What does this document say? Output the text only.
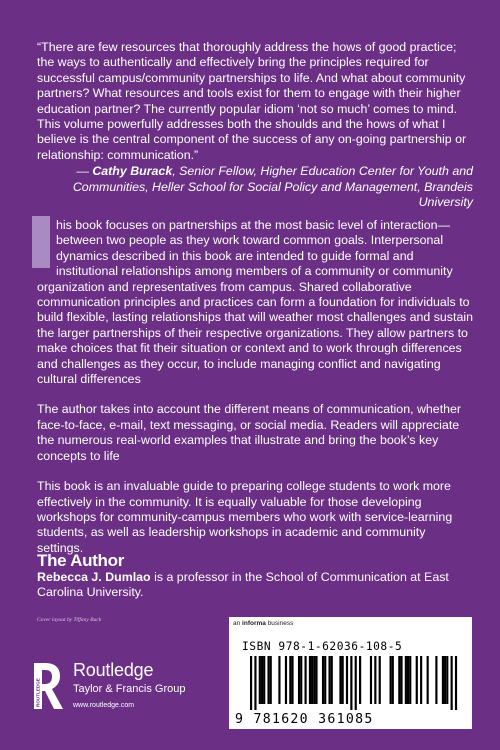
“There are few resources that thoroughly address the hows of good practice; the ways to authentically and effectively bring the principles required for successful campus/community partnerships to life. And what about community partners? What resources and tools exist for them to engage with their higher education partner? The currently popular idiom ‘not so much’ comes to mind. This volume powerfully addresses both the shoulds and the hows of what I believe is the central component of the success of any on-going partnership or relationship: communication.”
— Cathy Burack, Senior Fellow, Higher Education Center for Youth and Communities, Heller School for Social Policy and Management, Brandeis University

his book focuses on partnerships at the most basic level of interaction—between two people as they work toward common goals. Interpersonal dynamics described in this book are intended to guide formal and institutional relationships among members of a community or community organization and representatives from campus. Shared collaborative communication principles and practices can form a foundation for individuals to build flexible, lasting relationships that will weather most challenges and sustain the larger partnerships of their respective organizations. They allow partners to make choices that fit their situation or context and to work through differences and challenges as they occur, to include managing conflict and navigating cultural differences

The author takes into account the different means of communication, whether face-to-face, e-mail, text messaging, or social media. Readers will appreciate the numerous real-world examples that illustrate and bring the book’s key concepts to life

This book is an invaluable guide to preparing college students to work more effectively in the community. It is equally valuable for those developing workshops for community-campus members who work with service-learning students, as well as leadership workshops in academic and community settings.

The Author
Rebecca J. Dumlao is a professor in the School of Communication at East Carolina University.
Cover layout by Tiffany Buck
ROUTLEDGE
Routledge
Taylor & Francis Group
www.routledge.com
an informa business
ISBN 978-1-62036-108-5
9 781620 361085
